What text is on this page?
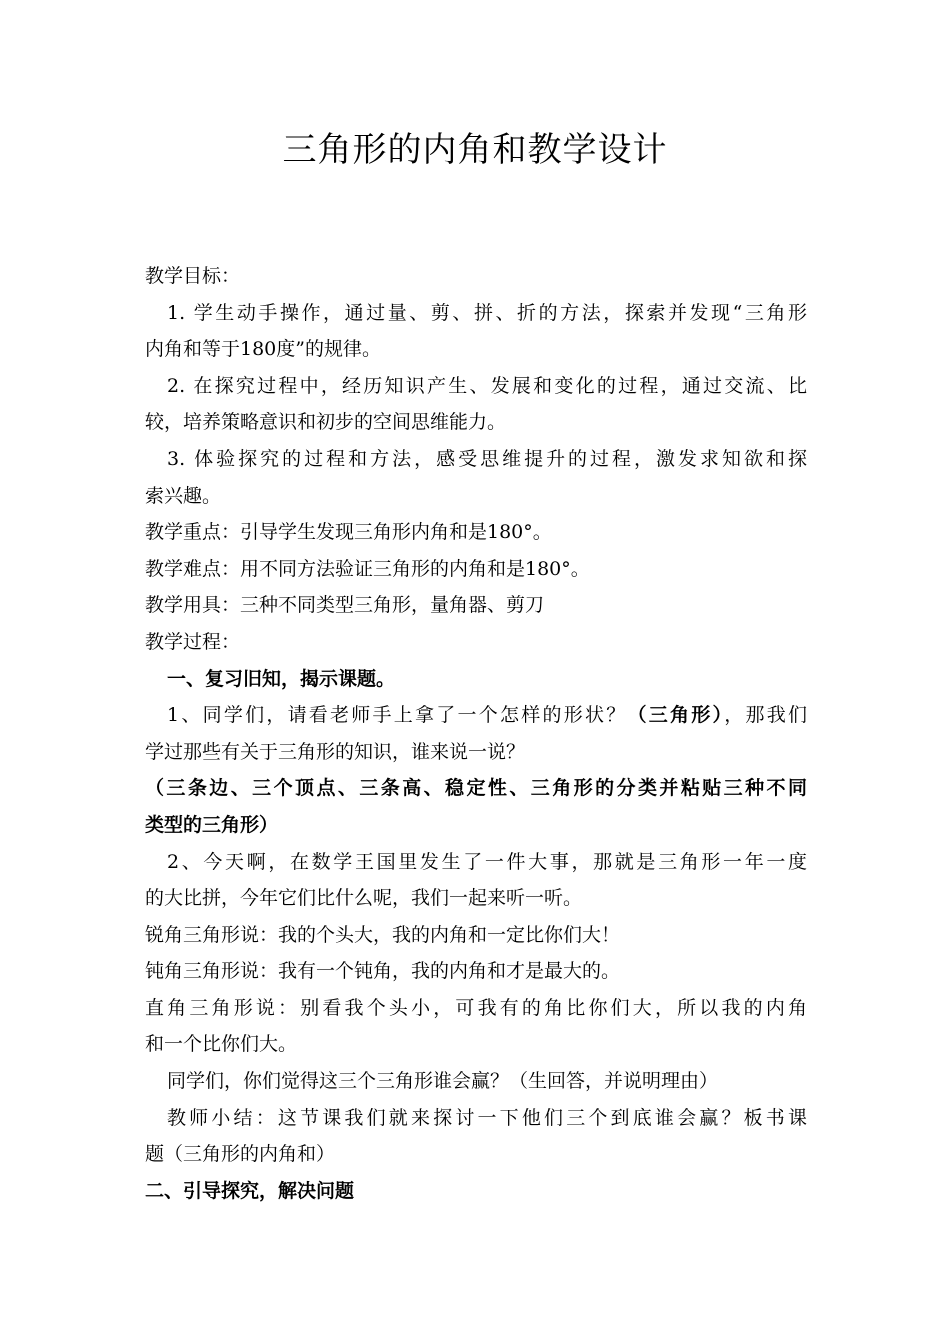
三角形的内角和教学设计
教学目标：
1. 学生动手操作，通过量、剪、拼、折的方法，探索并发现“三角形
内角和等于180度”的规律。
2. 在探究过程中，经历知识产生、发展和变化的过程，通过交流、比
较，培养策略意识和初步的空间思维能力。
3. 体验探究的过程和方法，感受思维提升的过程，激发求知欲和探
索兴趣。
教学重点：引导学生发现三角形内角和是180°。
教学难点：用不同方法验证三角形的内角和是180°。
教学用具：三种不同类型三角形，量角器、剪刀
教学过程：
一、复习旧知，揭示课题。
1、同学们，请看老师手上拿了一个怎样的形状？（三角形），那我们
学过那些有关于三角形的知识，谁来说一说？
（三条边、三个顶点、三条高、稳定性、三角形的分类并粘贴三种不同
类型的三角形）
2、今天啊，在数学王国里发生了一件大事，那就是三角形一年一度
的大比拼，今年它们比什么呢，我们一起来听一听。
锐角三角形说：我的个头大，我的内角和一定比你们大！
钝角三角形说：我有一个钝角，我的内角和才是最大的。
直角三角形说：别看我个头小，可我有的角比你们大，所以我的内角
和一个比你们大。
同学们，你们觉得这三个三角形谁会赢？（生回答，并说明理由）
教师小结：这节课我们就来探讨一下他们三个到底谁会赢？板书课
题（三角形的内角和）
二、引导探究，解决问题
